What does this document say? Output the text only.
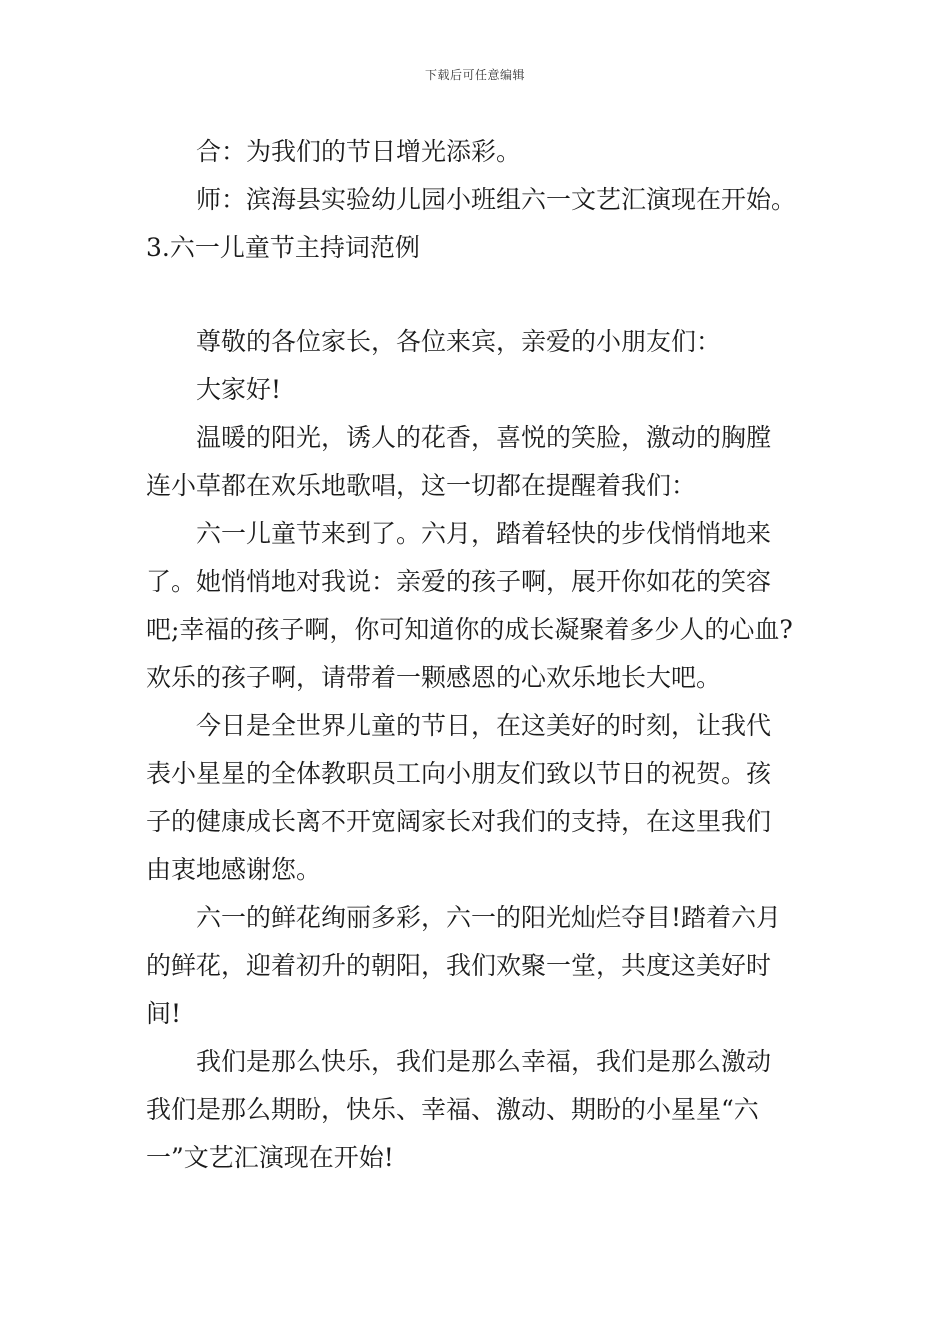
下载后可任意编辑
合：为我们的节日增光添彩。
师：滨海县实验幼儿园小班组六一文艺汇演现在开始。
3.六一儿童节主持词范例
尊敬的各位家长，各位来宾，亲爱的小朋友们：
大家好!
温暖的阳光，诱人的花香，喜悦的笑脸，激动的胸膛
连小草都在欢乐地歌唱，这一切都在提醒着我们：
六一儿童节来到了。六月，踏着轻快的步伐悄悄地来
了。她悄悄地对我说：亲爱的孩子啊，展开你如花的笑容
吧;幸福的孩子啊，你可知道你的成长凝聚着多少人的心血?
欢乐的孩子啊，请带着一颗感恩的心欢乐地长大吧。
今日是全世界儿童的节日，在这美好的时刻，让我代
表小星星的全体教职员工向小朋友们致以节日的祝贺。孩
子的健康成长离不开宽阔家长对我们的支持，在这里我们
由衷地感谢您。
六一的鲜花绚丽多彩，六一的阳光灿烂夺目!踏着六月
的鲜花，迎着初升的朝阳，我们欢聚一堂，共度这美好时
间!
我们是那么快乐，我们是那么幸福，我们是那么激动
我们是那么期盼，快乐、幸福、激动、期盼的小星星“六
一”文艺汇演现在开始!
